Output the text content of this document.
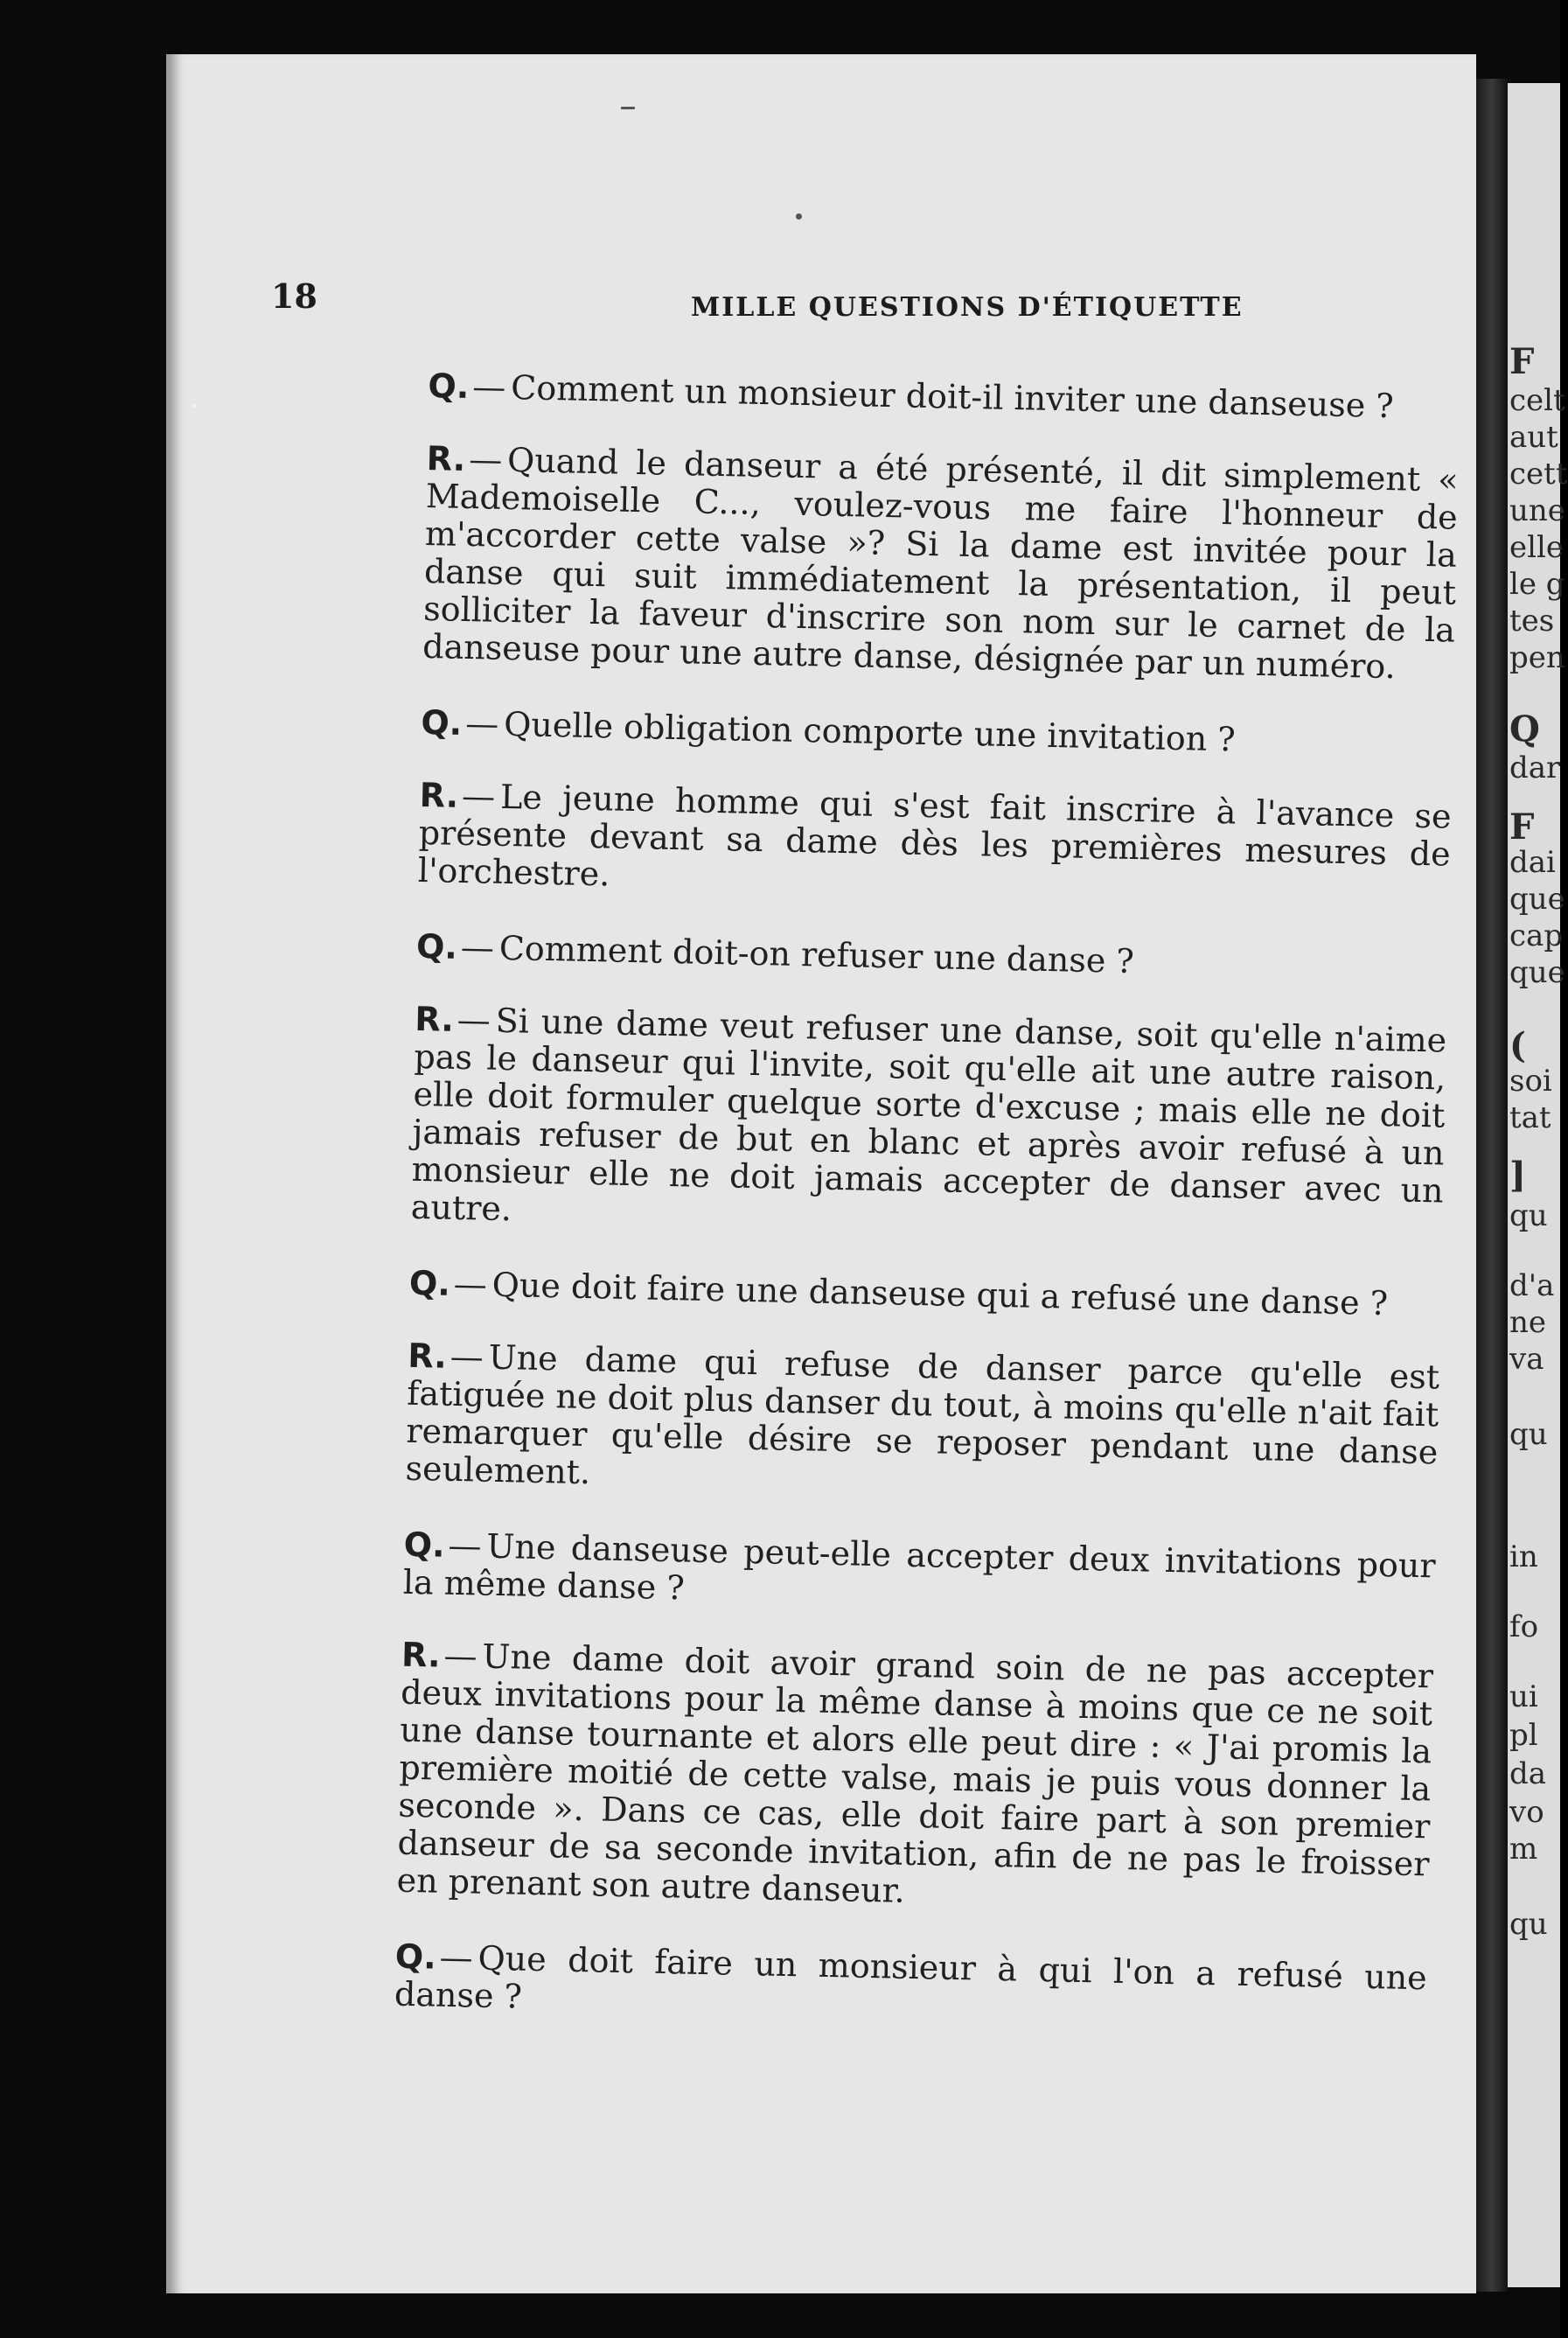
18	MILLE QUESTIONS D'ÉTIQUETTE

Q.— Comment un monsieur doit-il inviter une danseuse ?

R.— Quand le danseur a été présenté, il dit simplement « Mademoiselle C..., voulez-vous me faire l'honneur de m'accorder cette valse »? Si la dame est invitée pour la danse qui suit immédiatement la présentation, il peut solliciter la faveur d'inscrire son nom sur le carnet de la danseuse pour une autre danse, désignée par un numéro.

Q.— Quelle obligation comporte une invitation ?

R.— Le jeune homme qui s'est fait inscrire à l'avance se présente devant sa dame dès les premières mesures de l'orchestre.

Q.— Comment doit-on refuser une danse ?

R.— Si une dame veut refuser une danse, soit qu'elle n'aime pas le danseur qui l'invite, soit qu'elle ait une autre raison, elle doit formuler quelque sorte d'excuse ; mais elle ne doit jamais refuser de but en blanc et après avoir refusé à un monsieur elle ne doit jamais accepter de danser avec un autre.

Q.— Que doit faire une danseuse qui a refusé une danse ?

R.— Une dame qui refuse de danser parce qu'elle est fatiguée ne doit plus danser du tout, à moins qu'elle n'ait fait remarquer qu'elle désire se reposer pendant une danse seulement.

Q.— Une danseuse peut-elle accepter deux invitations pour la même danse ?

R.— Une dame doit avoir grand soin de ne pas accepter deux invitations pour la même danse à moins que ce ne soit une danse tournante et alors elle peut dire : « J'ai promis la première moitié de cette valse, mais je puis vous donner la seconde ». Dans ce cas, elle doit faire part à son premier danseur de sa seconde invitation, afin de ne pas le froisser en prenant son autre danseur.

Q.— Que doit faire un monsieur à qui l'on a refusé une danse ?

F
celt
aut
cett
une
elle
le g
tes
pen
Q
dar
F
dai
que
cap
que
(
soi
tat
]
qu
d'a
ne
va
qu
in
fo
ui
pl
da
vo
m
qu
